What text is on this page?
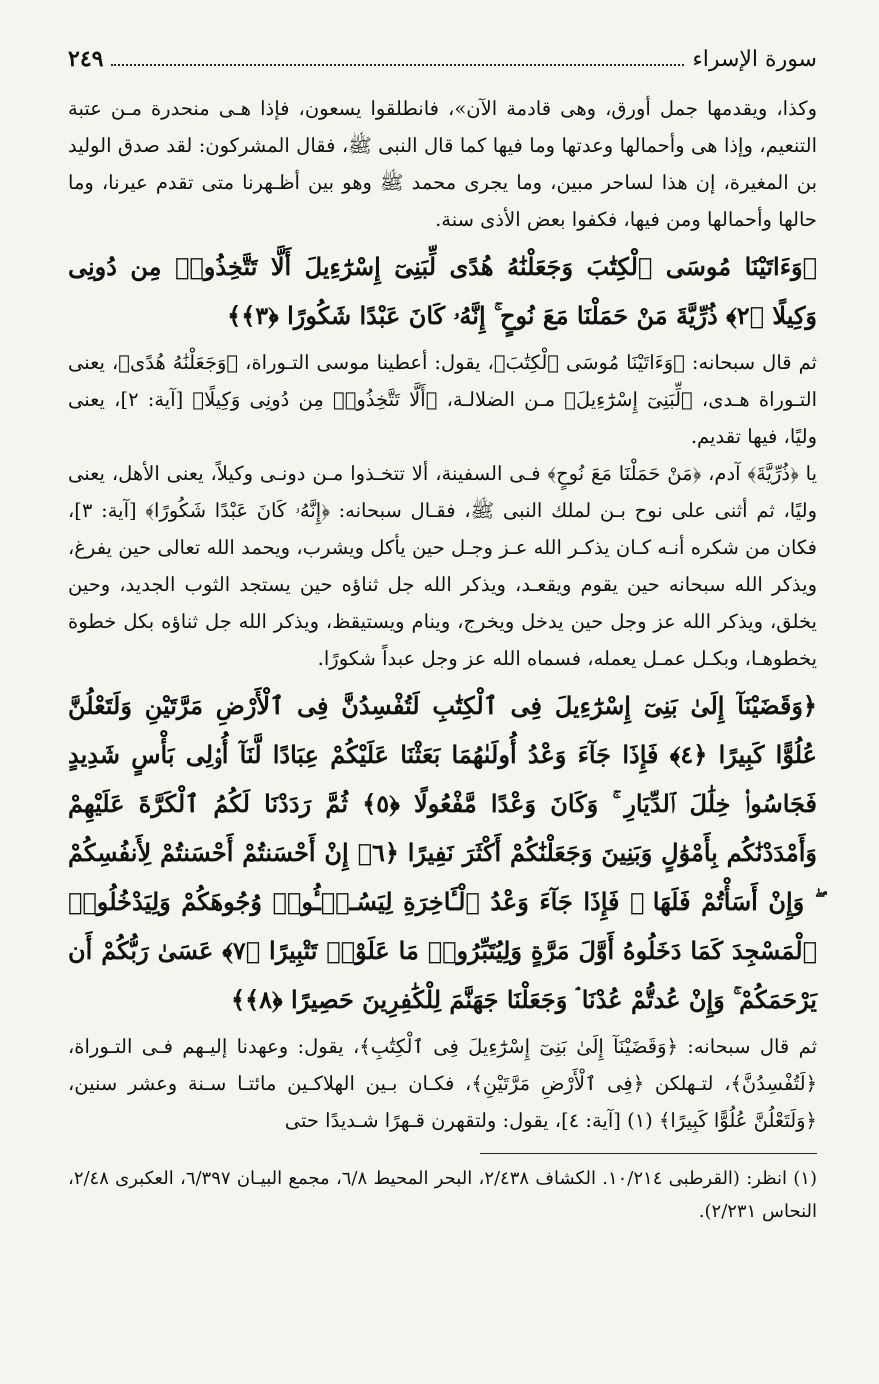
سورة الإسراء
٢٤٩

وكذا، ويقدمها جمل أورق، وهى قادمة الآن»، فانطلقوا يسعون، فإذا هـى منحدرة مـن عتبة التنعيم، وإذا هى وأحمالها وعدتها وما فيها كما قال النبى ﷺ، فقال المشركون: لقد صدق الوليد بن المغيرة، إن هذا لساحر مبين، وما يجرى محمد ﷺ وهو بين أظـهرنا متى تقدم عيرنا، وما حالها وأحمالها ومن فيها، فكفوا بعض الأذى سنة.

﴿وَءَاتَيْنَا مُوسَى ٱلْكِتَٰبَ وَجَعَلْنَٰهُ هُدًى لِّبَنِىٓ إِسْرَٰٓءِيلَ أَلَّا تَتَّخِذُوا۟ مِن دُونِى وَكِيلًا ﴿٢﴾ ذُرِّيَّةَ مَنْ حَمَلْنَا مَعَ نُوحٍ ۚ إِنَّهُۥ كَانَ عَبْدًا شَكُورًا ﴿٣﴾﴾

ثم قال سبحانه: ﴿وَءَاتَيْنَا مُوسَى ٱلْكِتَٰبَ﴾، يقول: أعطينا موسى التـوراة، ﴿وَجَعَلْنَٰهُ هُدًى﴾، يعنى التـوراة هـدى، ﴿لِّبَنِىٓ إِسْرَٰٓءِيلَ﴾ مـن الضلالـة، ﴿أَلَّا تَتَّخِذُوا۟ مِن دُونِى وَكِيلًا﴾ [آية: ٢]، يعنى وليًا، فيها تقديم.

يا ﴿ذُرِّيَّةَ﴾ آدم، ﴿مَنْ حَمَلْنَا مَعَ نُوحٍ﴾ فـى السفينة، ألا تتخـذوا مـن دونـى وكيلاً، يعنى الأهل، يعنى وليًا، ثم أثنى على نوح بـن لملك النبى ﷺ، فقـال سبحانه: ﴿إِنَّهُۥ كَانَ عَبْدًا شَكُورًا﴾ [آية: ٣]، فكان من شكره أنـه كـان يذكـر الله عـز وجـل حين يأكل ويشرب، ويحمد الله تعالى حين يفرغ، ويذكر الله سبحانه حين يقوم ويقعـد، ويذكر الله جل ثناؤه حين يستجد الثوب الجديد، وحين يخلق، ويذكر الله عز وجل حين يدخل ويخرج، وينام ويستيقظ، ويذكر الله جل ثناؤه بكل خطوة يخطوهـا، وبكـل عمـل يعمله، فسماه الله عز وجل عبداً شكورًا.

﴿وَقَضَيْنَآ إِلَىٰ بَنِىٓ إِسْرَٰٓءِيلَ فِى ٱلْكِتَٰبِ لَتُفْسِدُنَّ فِى ٱلْأَرْضِ مَرَّتَيْنِ وَلَتَعْلُنَّ عُلُوًّا كَبِيرًا ﴿٤﴾ فَإِذَا جَآءَ وَعْدُ أُولَىٰهُمَا بَعَثْنَا عَلَيْكُمْ عِبَادًا لَّنَآ أُو۟لِى بَأْسٍ شَدِيدٍ فَجَاسُوا۟ خِلَٰلَ ٱلدِّيَارِ ۚ وَكَانَ وَعْدًا مَّفْعُولًا ﴿٥﴾ ثُمَّ رَدَدْنَا لَكُمُ ٱلْكَرَّةَ عَلَيْهِمْ وَأَمْدَدْنَٰكُم بِأَمْوَٰلٍ وَبَنِينَ وَجَعَلْنَٰكُمْ أَكْثَرَ نَفِيرًا ﴿٦﴾ إِنْ أَحْسَنتُمْ أَحْسَنتُمْ لِأَنفُسِكُمْ ۖ وَإِنْ أَسَأْتُمْ فَلَهَا ۚ فَإِذَا جَآءَ وَعْدُ ٱلْـَٔاخِرَةِ لِيَسُـۥٓـُٔوا۟ وُجُوهَكُمْ وَلِيَدْخُلُوا۟ ٱلْمَسْجِدَ كَمَا دَخَلُوهُ أَوَّلَ مَرَّةٍ وَلِيُتَبِّرُوا۟ مَا عَلَوْا۟ تَتْبِيرًا ﴿٧﴾ عَسَىٰ رَبُّكُمْ أَن يَرْحَمَكُمْ ۚ وَإِنْ عُدتُّمْ عُدْنَا ۘ وَجَعَلْنَا جَهَنَّمَ لِلْكَٰفِرِينَ حَصِيرًا ﴿٨﴾﴾

ثم قال سبحانه: ﴿وَقَضَيْنَآ إِلَىٰ بَنِىٓ إِسْرَٰٓءِيلَ فِى ٱلْكِتَٰبِ﴾، يقول: وعهدنا إليـهم فـى التـوراة، ﴿لَتُفْسِدُنَّ﴾، لتـهلكن ﴿فِى ٱلْأَرْضِ مَرَّتَيْنِ﴾، فكـان بـين الهلاكـين مائتـا سـنة وعشر سنين، ﴿وَلَتَعْلُنَّ عُلُوًّا كَبِيرًا﴾ (١) [آية: ٤]، يقول: ولتقهرن قـهرًا شـديدًا حتى

(١) انظر: (القرطبى ١٠/٢١٤. الكشاف ٢/٤٣٨، البحر المحيط ٦/٨، مجمع البيـان ٦/٣٩٧، العكبرى ٢/٤٨، النحاس ٢/٢٣١).
